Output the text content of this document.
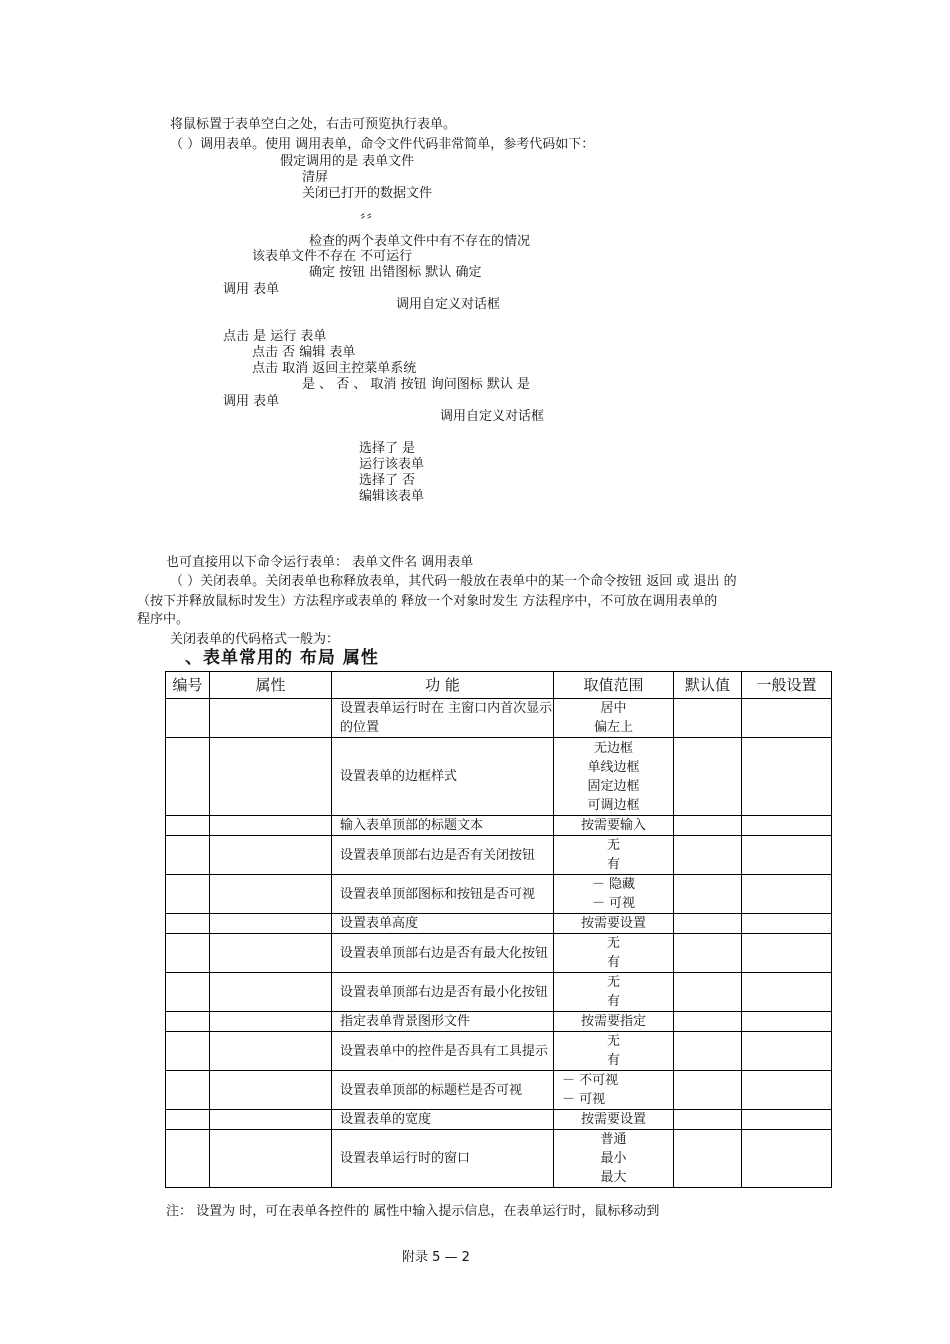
将鼠标置于表单空白之处，右击可预览执行表单。
（ ）调用表单。使用 调用表单，命令文件代码非常简单，参考代码如下：
假定调用的是 表单文件
清屏
关闭已打开的数据文件
〞〞
检查的两个表单文件中有不存在的情况
该表单文件不存在 不可运行
确定 按钮 出错图标 默认 确定
调用 表单
调用自定义对话框
点击 是 运行 表单
点击 否 编辑 表单
点击 取消 返回主控菜单系统
是 、 否 、 取消 按钮 询问图标 默认 是
调用 表单
调用自定义对话框
选择了 是
运行该表单
选择了 否
编辑该表单
也可直接用以下命令运行表单： 表单文件名 调用表单
（ ）关闭表单。关闭表单也称释放表单，其代码一般放在表单中的某一个命令按钮 返回 或 退出 的
（按下并释放鼠标时发生）方法程序或表单的 释放一个对象时发生 方法程序中，不可放在调用表单的
程序中。
关闭表单的代码格式一般为：
、表单常用的 布局 属性
编号	属性	功 能	取值范围	默认值	一般设置
		设置表单运行时在 主窗口内首次显示的位置	居中
偏左上		

		设置表单的边框样式	无边框
单线边框
固定边框
可调边框		

		输入表单顶部的标题文本	按需要输入		

		设置表单顶部右边是否有关闭按钮	无
有		

		设置表单顶部图标和按钮是否可视	－ 隐藏
－ 可视		

		设置表单高度	按需要设置		

		设置表单顶部右边是否有最大化按钮	无
有		

		设置表单顶部右边是否有最小化按钮	无
有		

		指定表单背景图形文件	按需要指定		

		设置表单中的控件是否具有工具提示	无
有		

		设置表单顶部的标题栏是否可视	－ 不可视
－ 可视		

		设置表单的宽度	按需要设置		

		设置表单运行时的窗口	普通
最小
最大		

注： 设置为 时，可在表单各控件的 属性中输入提示信息，在表单运行时，鼠标移动到
附录 5 — 2
